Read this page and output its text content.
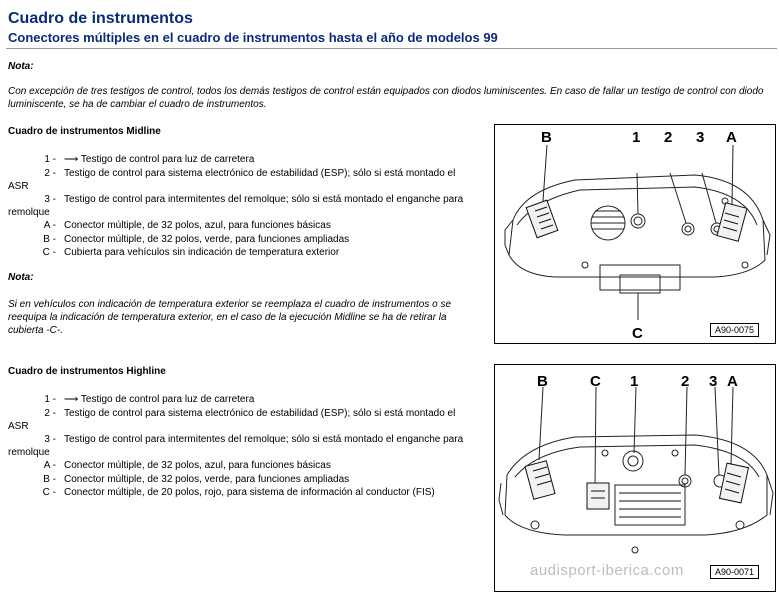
Cuadro de instrumentos
Conectores múltiples en el cuadro de instrumentos hasta el año de modelos 99
Nota:
Con excepción de tres testigos de control, todos los demás testigos de control están equipados con diodos luminiscentes. En caso de fallar un testigo de control con diodo luminiscente, se ha de cambiar el cuadro de instrumentos.
Cuadro de instrumentos Midline
1 - ⟶ Testigo de control para luz de carretera
2 - Testigo de control para sistema electrónico de estabilidad (ESP); sólo si está montado el ASR
3 - Testigo de control para intermitentes del remolque; sólo si está montado el enganche para remolque
A - Conector múltiple, de 32 polos, azul, para funciones básicas
B - Conector múltiple, de 32 polos, verde, para funciones ampliadas
C - Cubierta para vehículos sin indicación de temperatura exterior
Nota:
Si en vehículos con indicación de temperatura exterior se reemplaza el cuadro de instrumentos o se reequipa la indicación de temperatura exterior, en el caso de la ejecución Midline se ha de retirar la cubierta -C-.
Cuadro de instrumentos Highline
1 - ⟶ Testigo de control para luz de carretera
2 - Testigo de control para sistema electrónico de estabilidad (ESP); sólo si está montado el ASR
3 - Testigo de control para intermitentes del remolque; sólo si está montado el enganche para remolque
A - Conector múltiple, de 32 polos, azul, para funciones básicas
B - Conector múltiple, de 32 polos, verde, para funciones ampliadas
C - Conector múltiple, de 20 polos, rojo, para sistema de información al conductor (FIS)
B	1 2 3 A
C	A90-0075
B	C 1	2 3 A
A90-0071
audisport-iberica.com
